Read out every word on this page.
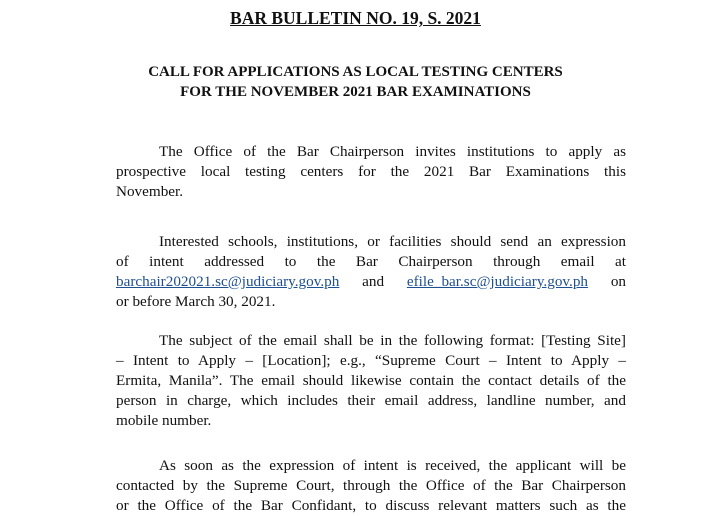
BAR BULLETIN NO. 19, S. 2021
CALL FOR APPLICATIONS AS LOCAL TESTING CENTERS
FOR THE NOVEMBER 2021 BAR EXAMINATIONS
The Office of the Bar Chairperson invites institutions to apply as
prospective local testing centers for the 2021 Bar Examinations this
November.
Interested schools, institutions, or facilities should send an expression
of intent addressed to the Bar Chairperson through email at
barchair202021.sc@judiciary.gov.ph and efile_bar.sc@judiciary.gov.ph on
or before March 30, 2021.
The subject of the email shall be in the following format: [Testing Site]
– Intent to Apply – [Location]; e.g., “Supreme Court – Intent to Apply –
Ermita, Manila”. The email should likewise contain the contact details of the
person in charge, which includes their email address, landline number, and
mobile number.
As soon as the expression of intent is received, the applicant will be
contacted by the Supreme Court, through the Office of the Bar Chairperson
or the Office of the Bar Confidant, to discuss relevant matters such as the
